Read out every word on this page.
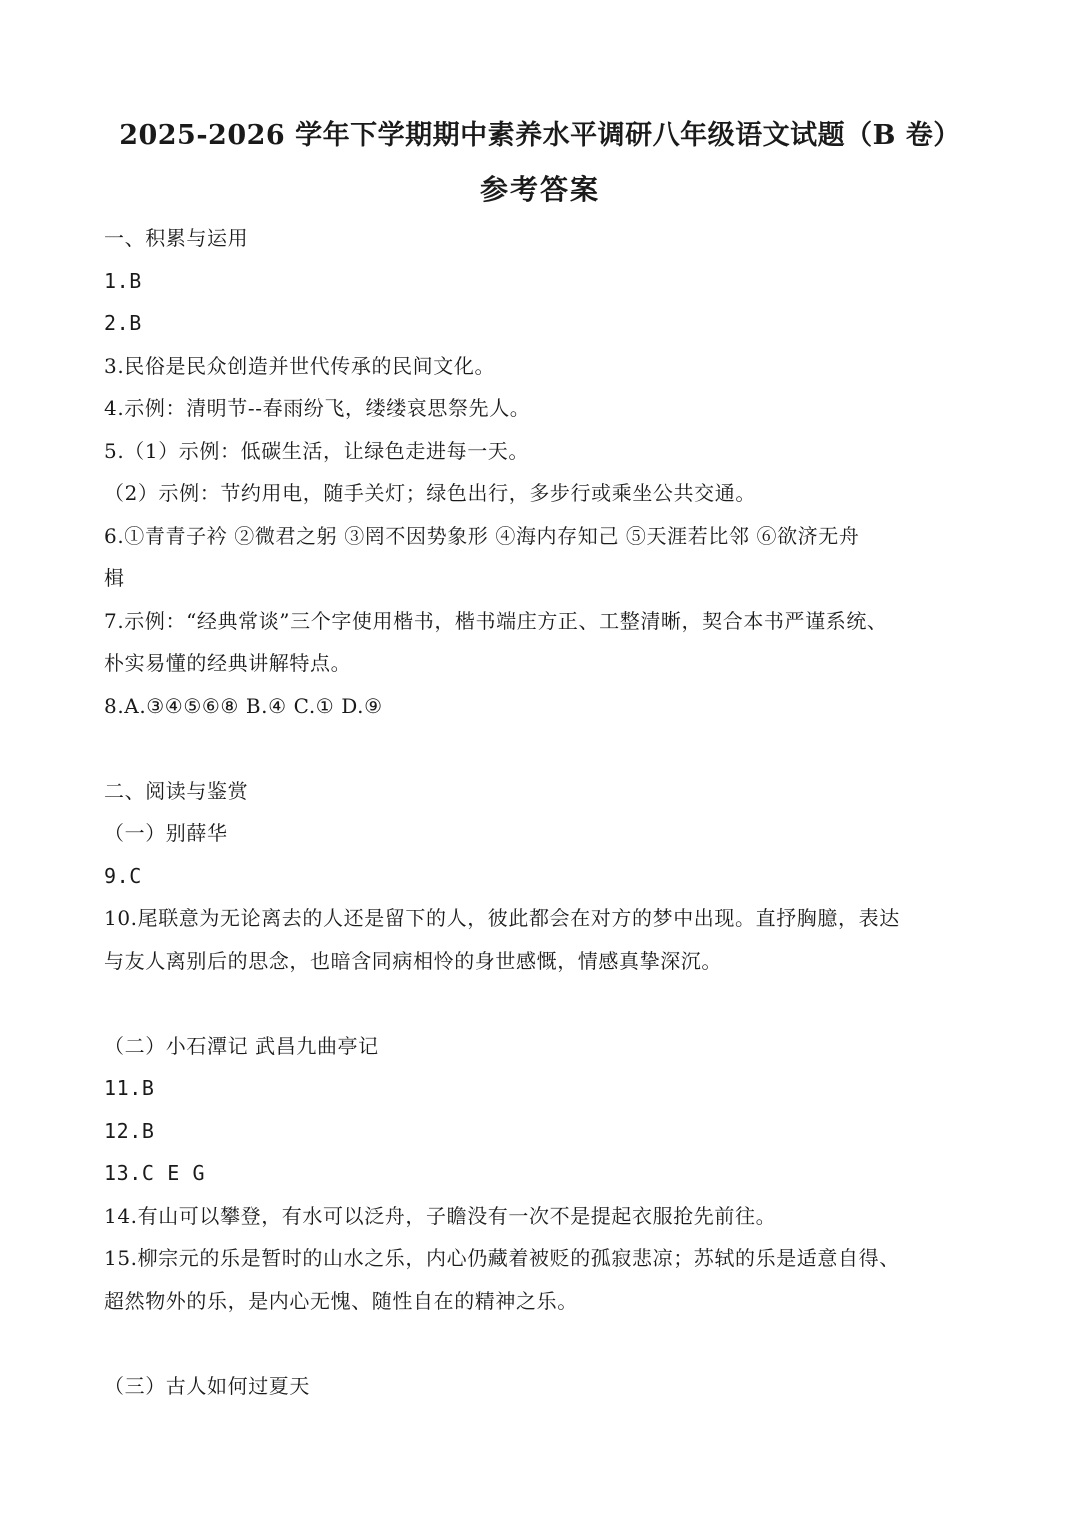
2025-2026 学年下学期期中素养水平调研八年级语文试题（B 卷）
参考答案
一、积累与运用
1.B
2.B
3.民俗是民众创造并世代传承的民间文化。
4.示例：清明节--春雨纷飞，缕缕哀思祭先人。
5.（1）示例：低碳生活，让绿色走进每一天。
（2）示例：节约用电，随手关灯；绿色出行，多步行或乘坐公共交通。
6.①青青子衿 ②微君之躬 ③罔不因势象形 ④海内存知己 ⑤天涯若比邻 ⑥欲济无舟
楫
7.示例：“经典常谈”三个字使用楷书，楷书端庄方正、工整清晰，契合本书严谨系统、
朴实易懂的经典讲解特点。
8.A.③④⑤⑥⑧ B.④ C.① D.⑨
二、阅读与鉴赏
（一）别薛华
9.C
10.尾联意为无论离去的人还是留下的人，彼此都会在对方的梦中出现。直抒胸臆，表达
与友人离别后的思念，也暗含同病相怜的身世感慨，情感真挚深沉。
（二）小石潭记 武昌九曲亭记
11.B
12.B
13.C E G
14.有山可以攀登，有水可以泛舟，子瞻没有一次不是提起衣服抢先前往。
15.柳宗元的乐是暂时的山水之乐，内心仍藏着被贬的孤寂悲凉；苏轼的乐是适意自得、
超然物外的乐，是内心无愧、随性自在的精神之乐。
（三）古人如何过夏天
